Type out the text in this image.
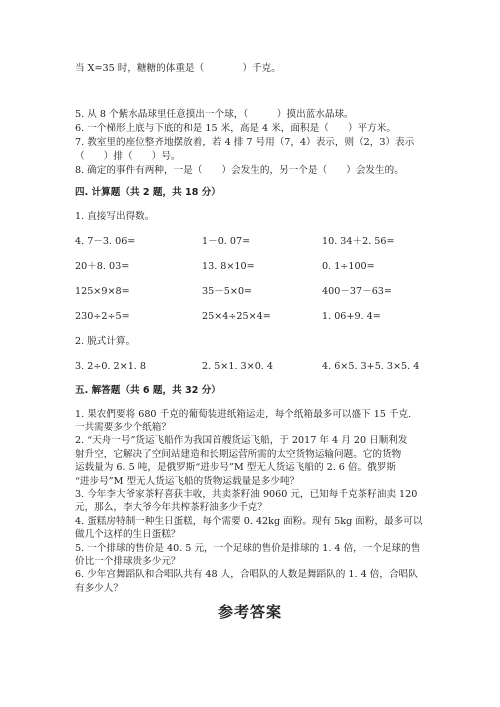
当 X=35 时，糖糖的体重是（　　　　）千克。
5. 从 8 个紫水晶球里任意摸出一个球，（　　　）摸出蓝水晶球。
6. 一个梯形上底与下底的和是 15 米，高是 4 米，面积是（　　）平方米。
7. 教室里的座位整齐地摆放着，若 4 排 7 号用（7，4）表示，则（2，3）表示
（　　）排（　　）号。
8. 确定的事件有两种，一是（　　）会发生的，另一个是（　　）会发生的。
四. 计算题（共 2 题，共 18 分）
1. 直接写出得数。
4. 7－3. 06=	1－0. 07=	10. 34＋2. 56=
20＋8. 03=	13. 8×10=	0. 1÷100=
125×9×8=	35－5×0=	400－37－63=
230÷2÷5=	25×4÷25×4=	1. 06+9. 4=
2. 脱式计算。
3. 2÷0. 2×1. 8	2. 5×1. 3×0. 4	4. 6×5. 3+5. 3×5. 4
五. 解答题（共 6 题，共 32 分）
1. 果农們要将 680 千克的葡萄装进纸箱运走，每个纸箱最多可以盛下 15 千克.
一共需要多少个纸箱？
2. “天舟一号”货运飞船作为我国首艘货运飞船，于 2017 年 4 月 20 日顺利发
射升空，它解决了空间站建造和长期运营所需的太空货物运输问题。它的货物
运载量为 6. 5 吨，是俄罗斯“进步号”M 型无人货运飞船的 2. 6 倍。俄罗斯
“进步号”M 型无人货运飞船的货物运载量是多少吨？
3. 今年李大爷家茶籽喜获丰收，共卖茶籽油 9060 元，已知每千克茶籽油卖 120
元，那么，李大爷今年共榨茶籽油多少千克？
4. 蛋糕房特制一种生日蛋糕，每个需要 0. 42kg 面粉。现有 5kg 面粉，最多可以
做几个这样的生日蛋糕？
5. 一个排球的售价是 40. 5 元，一个足球的售价是排球的 1. 4 倍，一个足球的售
价比一个排球贵多少元？
6. 少年宫舞蹈队和合唱队共有 48 人，合唱队的人数是舞蹈队的 1. 4 倍，合唱队
有多少人？
参考答案
